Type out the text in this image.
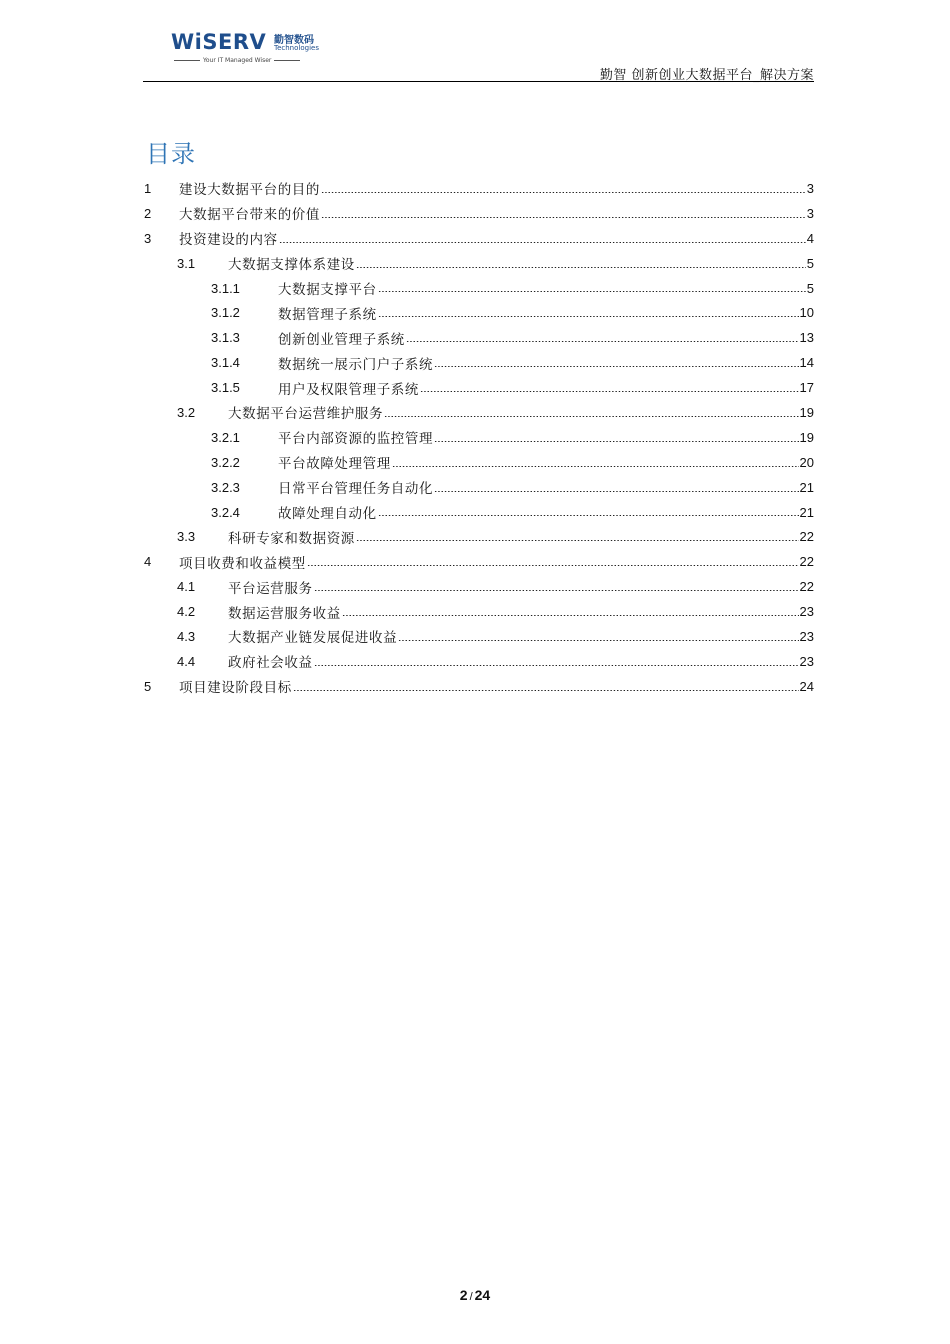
WiSERV 勤智数码
Technologies
Your IT Managed Wiser
勤智 创新创业大数据平台_解决方案
目录
1	建设大数据平台的目的	3
2	大数据平台带来的价值	3
3	投资建设的内容	4
3.1	大数据支撑体系建设	5
3.1.1	大数据支撑平台	5
3.1.2	数据管理子系统	10
3.1.3	创新创业管理子系统	13
3.1.4	数据统一展示门户子系统	14
3.1.5	用户及权限管理子系统	17
3.2	大数据平台运营维护服务	19
3.2.1	平台内部资源的监控管理	19
3.2.2	平台故障处理管理	20
3.2.3	日常平台管理任务自动化	21
3.2.4	故障处理自动化	21
3.3	科研专家和数据资源	22
4	项目收费和收益模型	22
4.1	平台运营服务	22
4.2	数据运营服务收益	23
4.3	大数据产业链发展促进收益	23
4.4	政府社会收益	23
5	项目建设阶段目标	24
2 / 24
